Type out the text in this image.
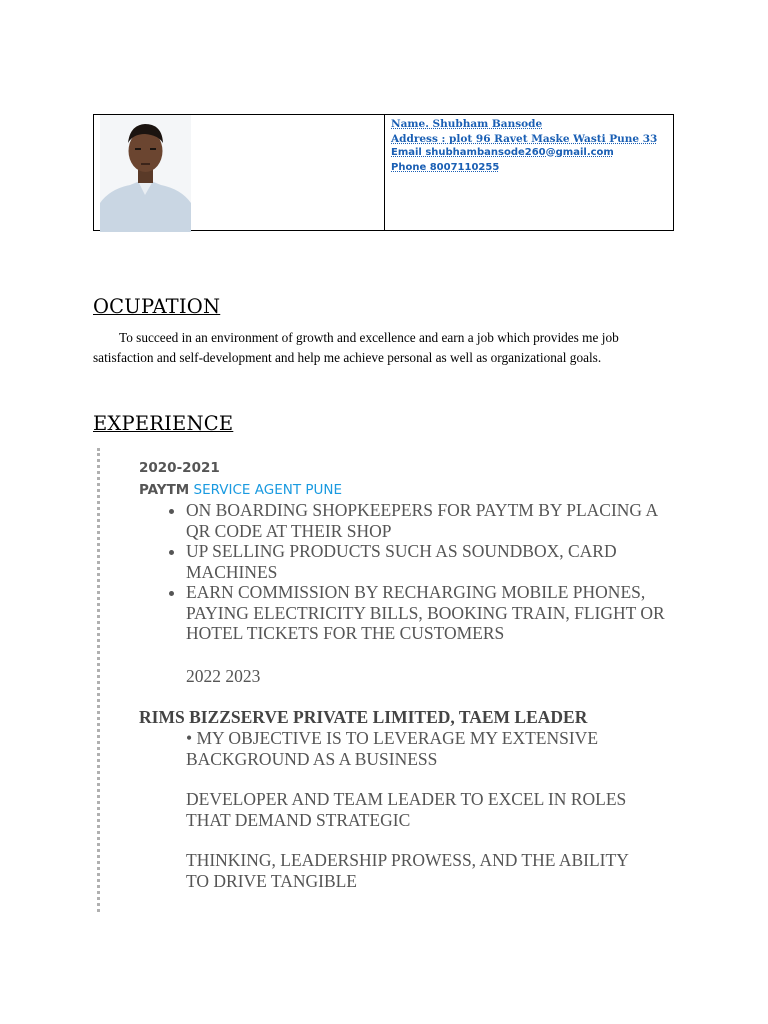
Name. Shubham Bansode
Address : plot 96 Ravet Maske Wasti Pune 33
Email shubhambansode260@gmail.com
Phone 8007110255
OCUPATION
To succeed in an environment of growth and excellence and earn a job which provides me job satisfaction and self-development and help me achieve personal as well as organizational goals.
EXPERIENCE
2020-2021
PAYTM SERVICE AGENT PUNE
• ON BOARDING SHOPKEEPERS FOR PAYTM BY PLACING A QR CODE AT THEIR SHOP
• UP SELLING PRODUCTS SUCH AS SOUNDBOX, CARD MACHINES
• EARN COMMISSION BY RECHARGING MOBILE PHONES, PAYING ELECTRICITY BILLS, BOOKING TRAIN, FLIGHT OR HOTEL TICKETS FOR THE CUSTOMERS
2022 2023
RIMS BIZZSERVE PRIVATE LIMITED, TAEM LEADER
• MY OBJECTIVE IS TO LEVERAGE MY EXTENSIVE BACKGROUND AS A BUSINESS
DEVELOPER AND TEAM LEADER TO EXCEL IN ROLES THAT DEMAND STRATEGIC
THINKING, LEADERSHIP PROWESS, AND THE ABILITY TO DRIVE TANGIBLE
